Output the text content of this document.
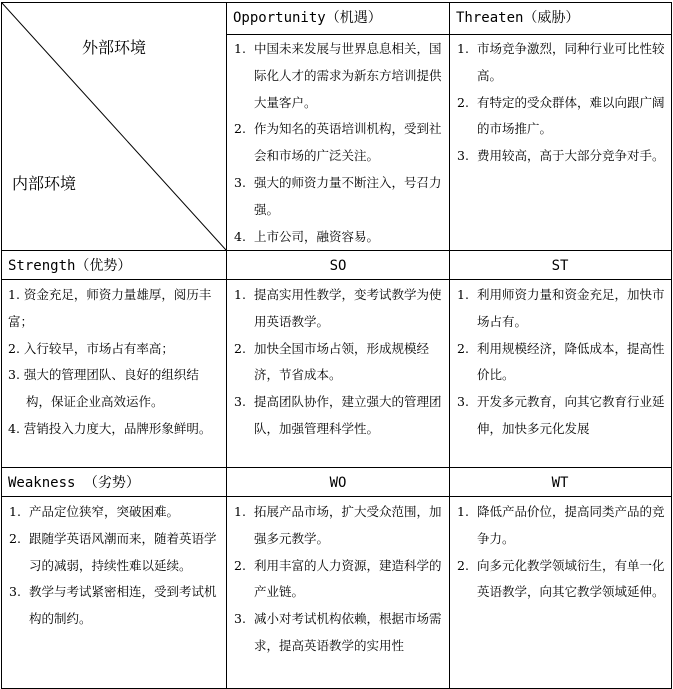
外部环境
内部环境
Opportunity（机遇）
1. 中国未来发展与世界息息相关，国际化人才的需求为新东方培训提供大量客户。
2. 作为知名的英语培训机构，受到社会和市场的广泛关注。
3. 强大的师资力量不断注入，号召力强。
4. 上市公司，融资容易。
Threaten（威胁）
1. 市场竞争激烈，同种行业可比性较高。
2. 有特定的受众群体，难以向跟广阔的市场推广。
3. 费用较高，高于大部分竞争对手。
Strength（优势）
1. 资金充足，师资力量雄厚，阅历丰富；
2. 入行较早，市场占有率高；
3. 强大的管理团队、良好的组织结构，保证企业高效运作。
4. 营销投入力度大，品牌形象鲜明。
SO
1. 提高实用性教学，变考试教学为使用英语教学。
2. 加快全国市场占领，形成规模经济，节省成本。
3. 提高团队协作，建立强大的管理团队，加强管理科学性。
ST
1. 利用师资力量和资金充足，加快市场占有。
2. 利用规模经济，降低成本，提高性价比。
3. 开发多元教育，向其它教育行业延伸，加快多元化发展
Weakness （劣势）
1. 产品定位狭窄，突破困难。
2. 跟随学英语风潮而来，随着英语学习的减弱，持续性难以延续。
3. 教学与考试紧密相连，受到考试机构的制约。
WO
1. 拓展产品市场，扩大受众范围，加强多元教学。
2. 利用丰富的人力资源，建造科学的产业链。
3. 减小对考试机构依赖，根据市场需求，提高英语教学的实用性
WT
1. 降低产品价位，提高同类产品的竞争力。
2. 向多元化教学领域衍生，有单一化英语教学，向其它教学领域延伸。
